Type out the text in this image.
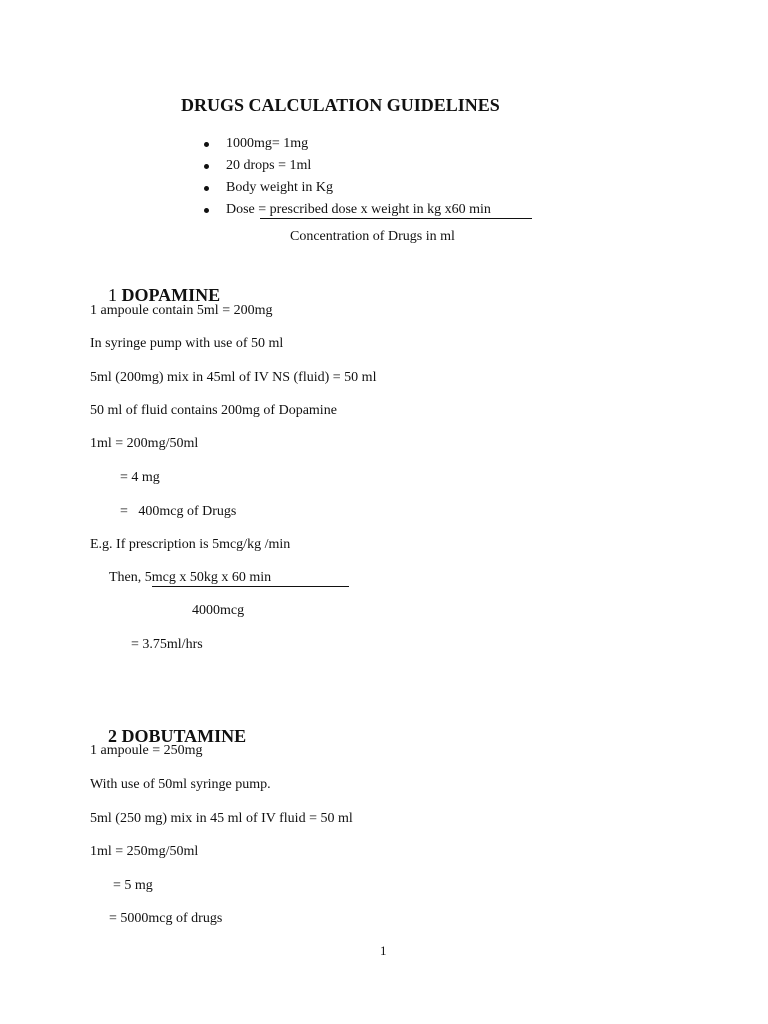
DRUGS CALCULATION GUIDELINES
1000mg= 1mg
20 drops = 1ml
Body weight in Kg
Dose = prescribed dose x weight in kg x60 min
Concentration of Drugs in ml

1 DOPAMINE

1 ampoule contain 5ml = 200mg
In syringe pump with use of 50 ml
5ml (200mg) mix in 45ml of IV NS (fluid) = 50 ml
50 ml of fluid contains 200mg of Dopamine
1ml = 200mg/50ml
= 4 mg
=   400mcg of Drugs
E.g. If prescription is 5mcg/kg /min
Then, 5mcg x 50kg x 60 min
4000mcg
= 3.75ml/hrs

2 DOBUTAMINE

1 ampoule = 250mg
With use of 50ml syringe pump.
5ml (250 mg) mix in 45 ml of IV fluid = 50 ml
1ml = 250mg/50ml
= 5 mg
= 5000mcg of drugs
1
